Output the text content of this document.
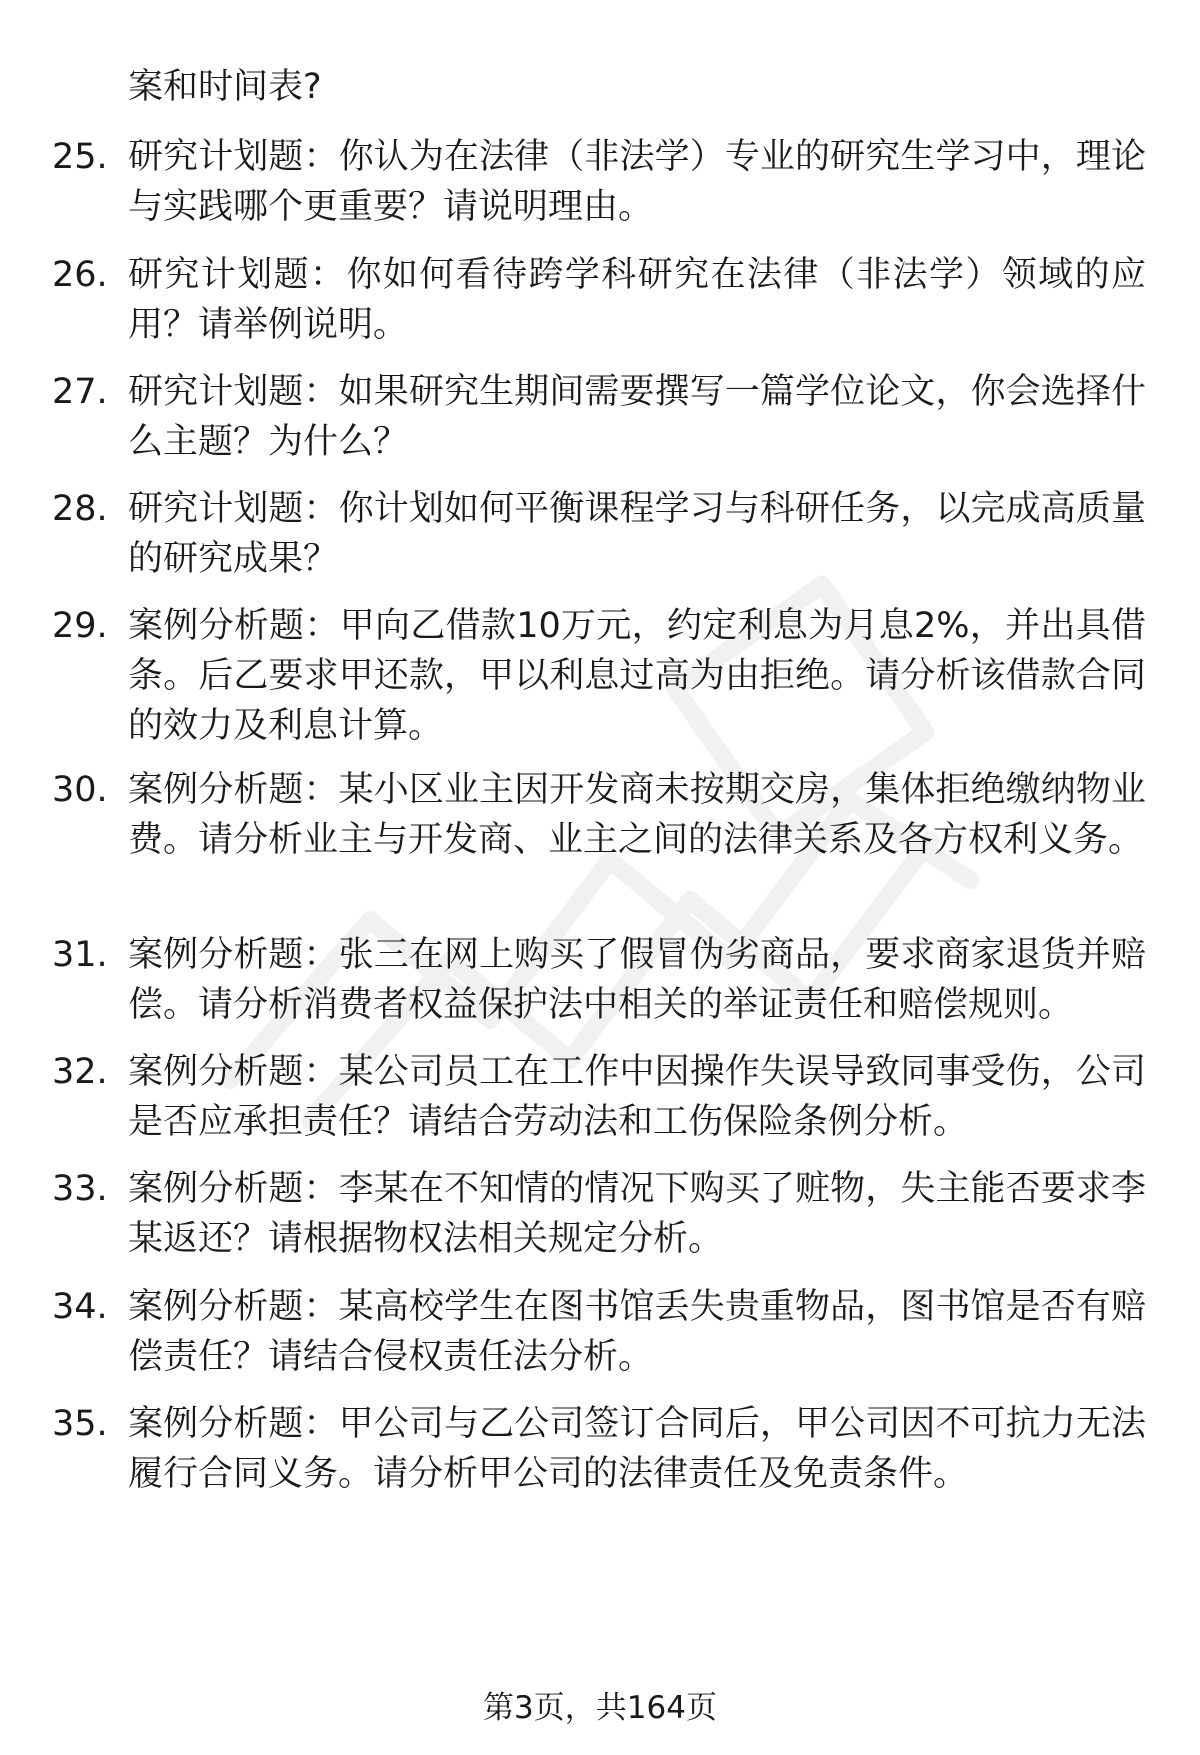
案和时间表?

25. 研究计划题：你认为在法律（非法学）专业的研究生学习中，理论与实践哪个更重要？请说明理由。

26. 研究计划题：你如何看待跨学科研究在法律（非法学）领域的应用？请举例说明。

27. 研究计划题：如果研究生期间需要撰写一篇学位论文，你会选择什么主题？为什么？

28. 研究计划题：你计划如何平衡课程学习与科研任务，以完成高质量的研究成果？

29. 案例分析题：甲向乙借款10万元，约定利息为月息2%，并出具借条。后乙要求甲还款，甲以利息过高为由拒绝。请分析该借款合同的效力及利息计算。

30. 案例分析题：某小区业主因开发商未按期交房，集体拒绝缴纳物业费。请分析业主与开发商、业主之间的法律关系及各方权利义务。

31. 案例分析题：张三在网上购买了假冒伪劣商品，要求商家退货并赔偿。请分析消费者权益保护法中相关的举证责任和赔偿规则。

32. 案例分析题：某公司员工在工作中因操作失误导致同事受伤，公司是否应承担责任？请结合劳动法和工伤保险条例分析。

33. 案例分析题：李某在不知情的情况下购买了赃物，失主能否要求李某返还？请根据物权法相关规定分析。

34. 案例分析题：某高校学生在图书馆丢失贵重物品，图书馆是否有赔偿责任？请结合侵权责任法分析。

35. 案例分析题：甲公司与乙公司签订合同后，甲公司因不可抗力无法履行合同义务。请分析甲公司的法律责任及免责条件。

第3页，共164页
